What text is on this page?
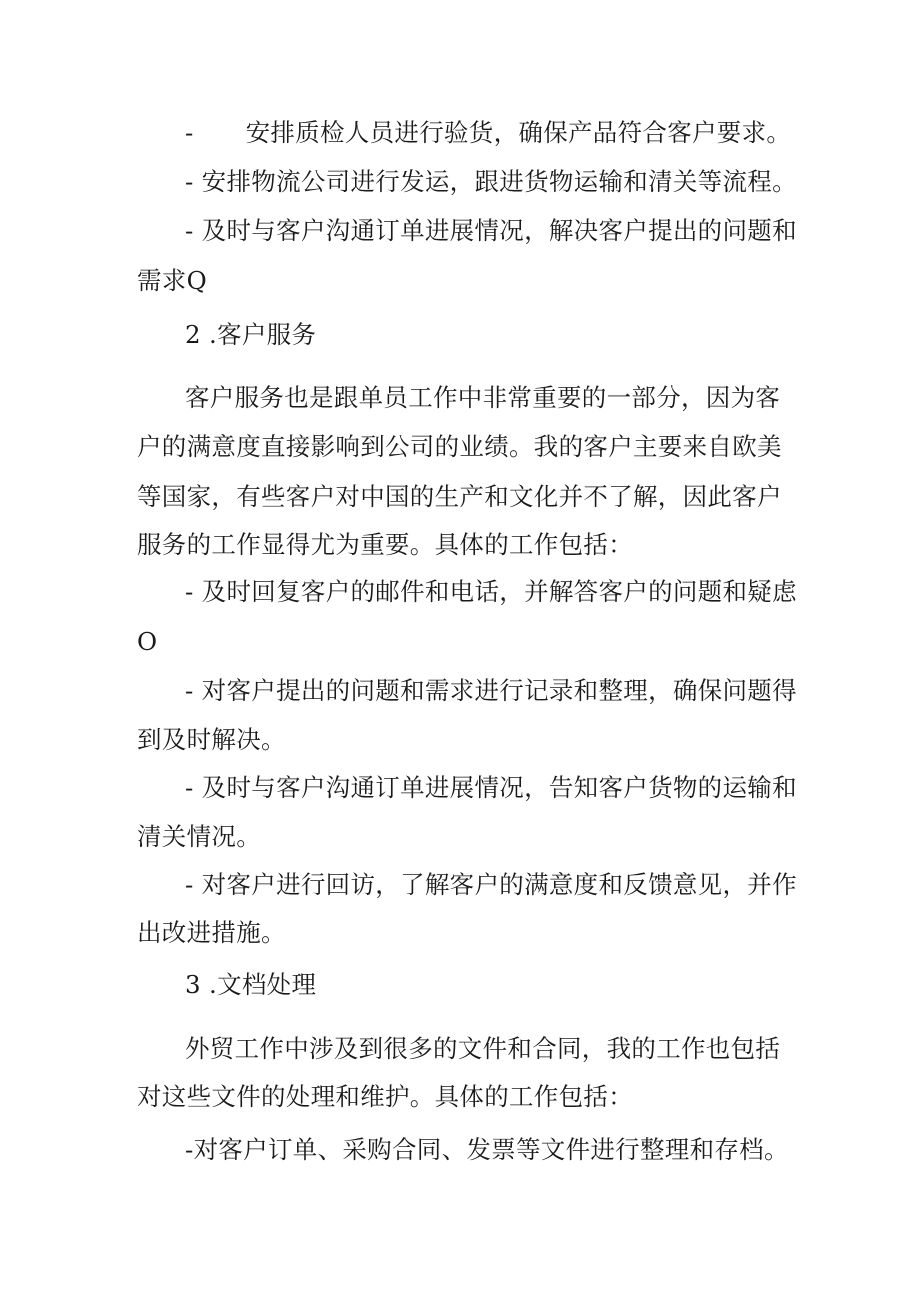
- 安排质检人员进行验货，确保产品符合客户要求。
- 安排物流公司进行发运，跟进货物运输和清关等流程。
- 及时与客户沟通订单进展情况，解决客户提出的问题和
需求Q
2 .客户服务
客户服务也是跟单员工作中非常重要的一部分，因为客
户的满意度直接影响到公司的业绩。我的客户主要来自欧美
等国家，有些客户对中国的生产和文化并不了解，因此客户
服务的工作显得尤为重要。具体的工作包括：
- 及时回复客户的邮件和电话，并解答客户的问题和疑虑
O
- 对客户提出的问题和需求进行记录和整理，确保问题得
到及时解决。
- 及时与客户沟通订单进展情况，告知客户货物的运输和
清关情况。
- 对客户进行回访，了解客户的满意度和反馈意见，并作
出改进措施。
3 .文档处理
外贸工作中涉及到很多的文件和合同，我的工作也包括
对这些文件的处理和维护。具体的工作包括：
-对客户订单、采购合同、发票等文件进行整理和存档。
